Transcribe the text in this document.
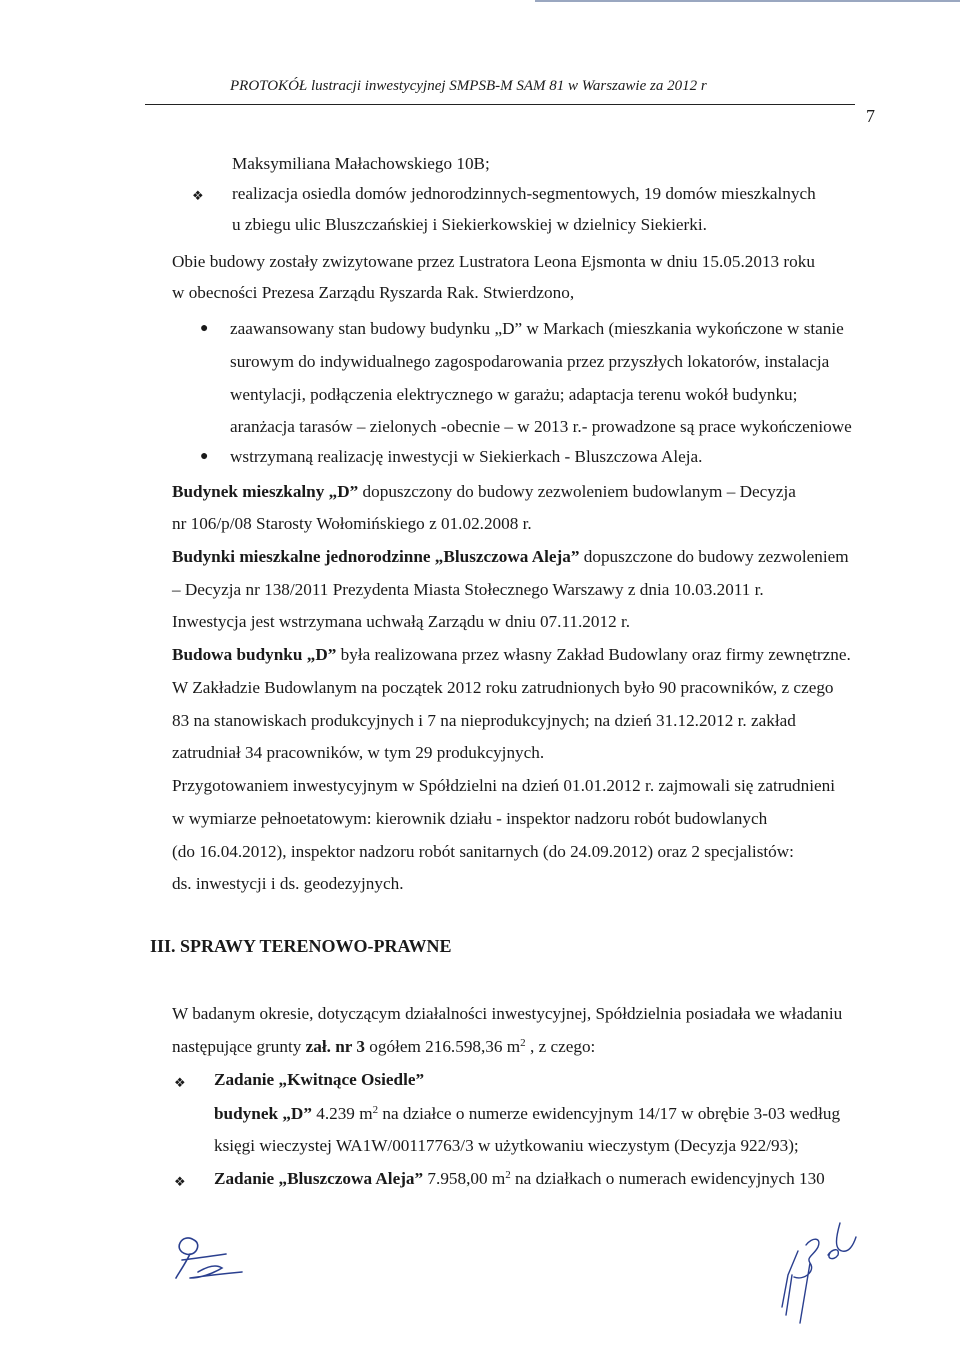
PROTOKÓŁ lustracji inwestycyjnej SMPSB-M SAM 81 w Warszawie za 2012 r
7
Maksymiliana Małachowskiego 10B;
❖ realizacja osiedla domów jednorodzinnych-segmentowych, 19 domów mieszkalnych
u zbiegu ulic Bluszczańskiej i Siekierkowskiej w dzielnicy Siekierki.
Obie budowy zostały zwizytowane przez Lustratora Leona Ejsmonta w dniu 15.05.2013 roku
w obecności Prezesa Zarządu Ryszarda Rak. Stwierdzono,
● zaawansowany stan budowy budynku „D” w Markach (mieszkania wykończone w stanie
surowym do indywidualnego zagospodarowania przez przyszłych lokatorów, instalacja
wentylacji, podłączenia elektrycznego w garażu; adaptacja terenu wokół budynku;
aranżacja tarasów – zielonych -obecnie – w 2013 r.- prowadzone są prace wykończeniowe
● wstrzymaną realizację inwestycji w Siekierkach - Bluszczowa Aleja.
Budynek mieszkalny „D” dopuszczony do budowy zezwoleniem budowlanym – Decyzja
nr 106/p/08 Starosty Wołomińskiego z 01.02.2008 r.
Budynki mieszkalne jednorodzinne „Bluszczowa Aleja” dopuszczone do budowy zezwoleniem
– Decyzja nr 138/2011 Prezydenta Miasta Stołecznego Warszawy z dnia 10.03.2011 r.
Inwestycja jest wstrzymana uchwałą Zarządu w dniu 07.11.2012 r.
Budowa budynku „D” była realizowana przez własny Zakład Budowlany oraz firmy zewnętrzne.
W Zakładzie Budowlanym na początek 2012 roku zatrudnionych było 90 pracowników, z czego
83 na stanowiskach produkcyjnych i 7 na nieprodukcyjnych; na dzień 31.12.2012 r. zakład
zatrudniał 34 pracowników, w tym 29 produkcyjnych.
Przygotowaniem inwestycyjnym w Spółdzielni na dzień 01.01.2012 r. zajmowali się zatrudnieni
w wymiarze pełnoetatowym: kierownik działu - inspektor nadzoru robót budowlanych
(do 16.04.2012), inspektor nadzoru robót sanitarnych (do 24.09.2012) oraz 2 specjalistów:
ds. inwestycji i ds. geodezyjnych.
III. SPRAWY TERENOWO-PRAWNE
W badanym okresie, dotyczącym działalności inwestycyjnej, Spółdzielnia posiadała we władaniu
następujące grunty zał. nr 3 ogółem 216.598,36 $m^2$ , z czego:
❖ Zadanie „Kwitnące Osiedle”
budynek „D” 4.239 $m^2$ na działce o numerze ewidencyjnym 14/17 w obrębie 3-03 według
księgi wieczystej WA1W/00117763/3 w użytkowaniu wieczystym (Decyzja 922/93);
❖ Zadanie „Bluszczowa Aleja” 7.958,00 $m^2$ na działkach o numerach ewidencyjnych 130
